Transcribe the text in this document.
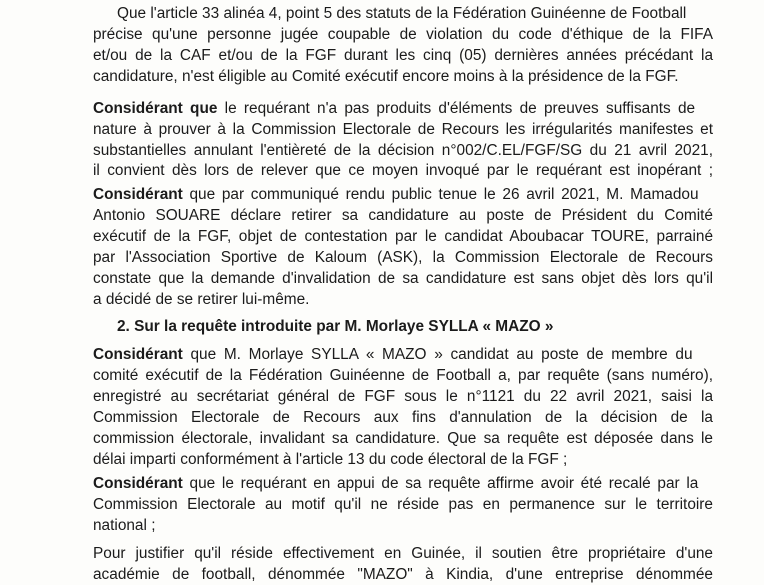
Que l'article 33 alinéa 4, point 5 des statuts de la Fédération Guinéenne de Football
précise qu'une personne jugée coupable de violation du code d'éthique de la FIFA
et/ou de la CAF et/ou de la FGF durant les cinq (05) dernières années précédant la
candidature, n'est éligible au Comité exécutif encore moins à la présidence de la FGF.
Considérant que le requérant n'a pas produits d'éléments de preuves suffisants de
nature à prouver à la Commission Electorale de Recours les irrégularités manifestes et
substantielles annulant l'entièreté de la décision n°002/C.EL/FGF/SG du 21 avril 2021,
il convient dès lors de relever que ce moyen invoqué par le requérant est inopérant ;
Considérant que par communiqué rendu public tenue le 26 avril 2021, M. Mamadou
Antonio SOUARE déclare retirer sa candidature au poste de Président du Comité
exécutif de la FGF, objet de contestation par le candidat Aboubacar TOURE, parrainé
par l'Association Sportive de Kaloum (ASK), la Commission Electorale de Recours
constate que la demande d'invalidation de sa candidature est sans objet dès lors qu'il
a décidé de se retirer lui-même.
2. Sur la requête introduite par M. Morlaye SYLLA « MAZO »
Considérant que M. Morlaye SYLLA « MAZO » candidat au poste de membre du
comité exécutif de la Fédération Guinéenne de Football a, par requête (sans numéro),
enregistré au secrétariat général de FGF sous le n°1121 du 22 avril 2021, saisi la
Commission Electorale de Recours aux fins d'annulation de la décision de la
commission électorale, invalidant sa candidature. Que sa requête est déposée dans le
délai imparti conformément à l'article 13 du code électoral de la FGF ;
Considérant que le requérant en appui de sa requête affirme avoir été recalé par la
Commission Electorale au motif qu'il ne réside pas en permanence sur le territoire
national ;
Pour justifier qu'il réside effectivement en Guinée, il soutien être propriétaire d'une
académie de football, dénommée "MAZO" à Kindia, d'une entreprise dénommée
